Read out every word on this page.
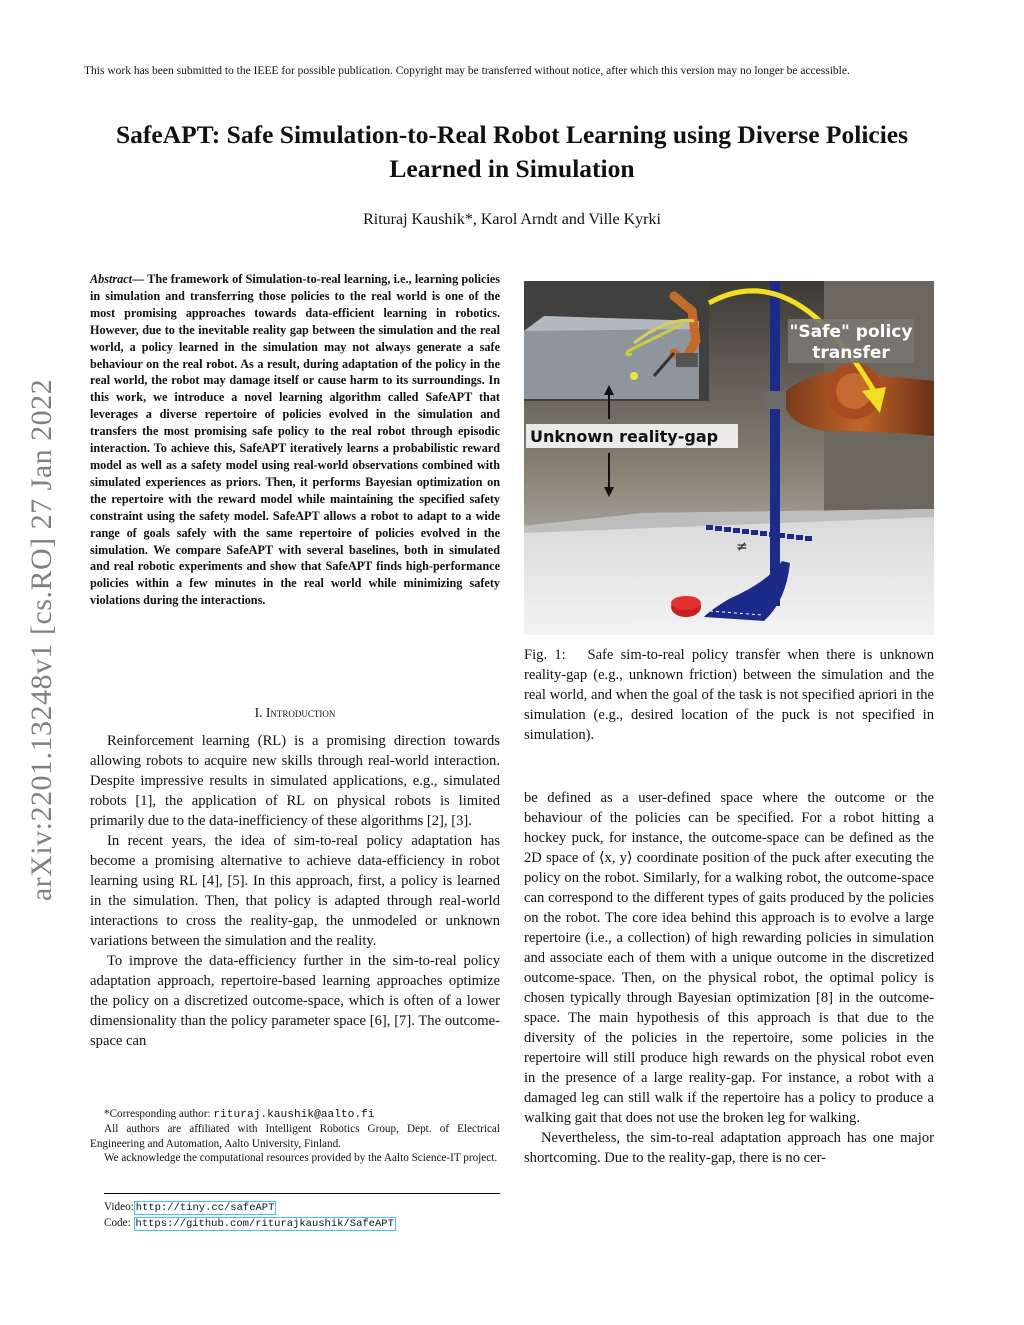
This work has been submitted to the IEEE for possible publication. Copyright may be transferred without notice, after which this version may no longer be accessible.
SafeAPT: Safe Simulation-to-Real Robot Learning using Diverse Policies Learned in Simulation
Rituraj Kaushik*, Karol Arndt and Ville Kyrki
arXiv:2201.13248v1 [cs.RO] 27 Jan 2022
Abstract— The framework of Simulation-to-real learning, i.e., learning policies in simulation and transferring those policies to the real world is one of the most promising approaches towards data-efficient learning in robotics. However, due to the inevitable reality gap between the simulation and the real world, a policy learned in the simulation may not always generate a safe behaviour on the real robot. As a result, during adaptation of the policy in the real world, the robot may damage itself or cause harm to its surroundings. In this work, we introduce a novel learning algorithm called SafeAPT that leverages a diverse repertoire of policies evolved in the simulation and transfers the most promising safe policy to the real robot through episodic interaction. To achieve this, SafeAPT iteratively learns a probabilistic reward model as well as a safety model using real-world observations combined with simulated experiences as priors. Then, it performs Bayesian optimization on the repertoire with the reward model while maintaining the specified safety constraint using the safety model. SafeAPT allows a robot to adapt to a wide range of goals safely with the same repertoire of policies evolved in the simulation. We compare SafeAPT with several baselines, both in simulated and real robotic experiments and show that SafeAPT finds high-performance policies within a few minutes in the real world while minimizing safety violations during the interactions.
I. Introduction

Reinforcement learning (RL) is a promising direction towards allowing robots to acquire new skills through real-world interaction. Despite impressive results in simulated applications, e.g., simulated robots [1], the application of RL on physical robots is limited primarily due to the data-inefficiency of these algorithms [2], [3].

In recent years, the idea of sim-to-real policy adaptation has become a promising alternative to achieve data-efficiency in robot learning using RL [4], [5]. In this approach, first, a policy is learned in the simulation. Then, that policy is adapted through real-world interactions to cross the reality-gap, the unmodeled or unknown variations between the simulation and the reality.

To improve the data-efficiency further in the sim-to-real policy adaptation approach, repertoire-based learning approaches optimize the policy on a discretized outcome-space, which is often of a lower dimensionality than the policy parameter space [6], [7]. The outcome-space can

*Corresponding author: rituraj.kaushik@aalto.fi

All authors are affiliated with Intelligent Robotics Group, Dept. of Electrical Engineering and Automation, Aalto University, Finland.

We acknowledge the computational resources provided by the Aalto Science-IT project.

Video: http://tiny.cc/safeAPT
Code: https://github.com/riturajkaushik/SafeAPT
≠
"Safe" policy
transfer
Unknown reality-gap
Fig. 1: Safe sim-to-real policy transfer when there is unknown reality-gap (e.g., unknown friction) between the simulation and the real world, and when the goal of the task is not specified apriori in the simulation (e.g., desired location of the puck is not specified in simulation).

be defined as a user-defined space where the outcome or the behaviour of the policies can be specified. For a robot hitting a hockey puck, for instance, the outcome-space can be defined as the 2D space of ⟨x, y⟩ coordinate position of the puck after executing the policy on the robot. Similarly, for a walking robot, the outcome-space can correspond to the different types of gaits produced by the policies on the robot. The core idea behind this approach is to evolve a large repertoire (i.e., a collection) of high rewarding policies in simulation and associate each of them with a unique outcome in the discretized outcome-space. Then, on the physical robot, the optimal policy is chosen typically through Bayesian optimization [8] in the outcome-space. The main hypothesis of this approach is that due to the diversity of the policies in the repertoire, some policies in the repertoire will still produce high rewards on the physical robot even in the presence of a large reality-gap. For instance, a robot with a damaged leg can still walk if the repertoire has a policy to produce a walking gait that does not use the broken leg for walking.

Nevertheless, the sim-to-real adaptation approach has one major shortcoming. Due to the reality-gap, there is no cer-
